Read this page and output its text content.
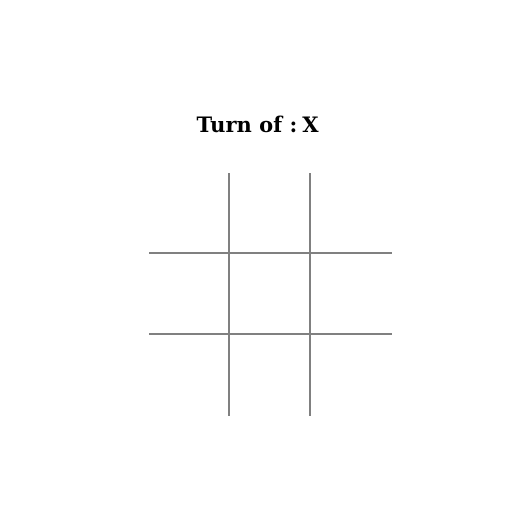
Turn of : X
